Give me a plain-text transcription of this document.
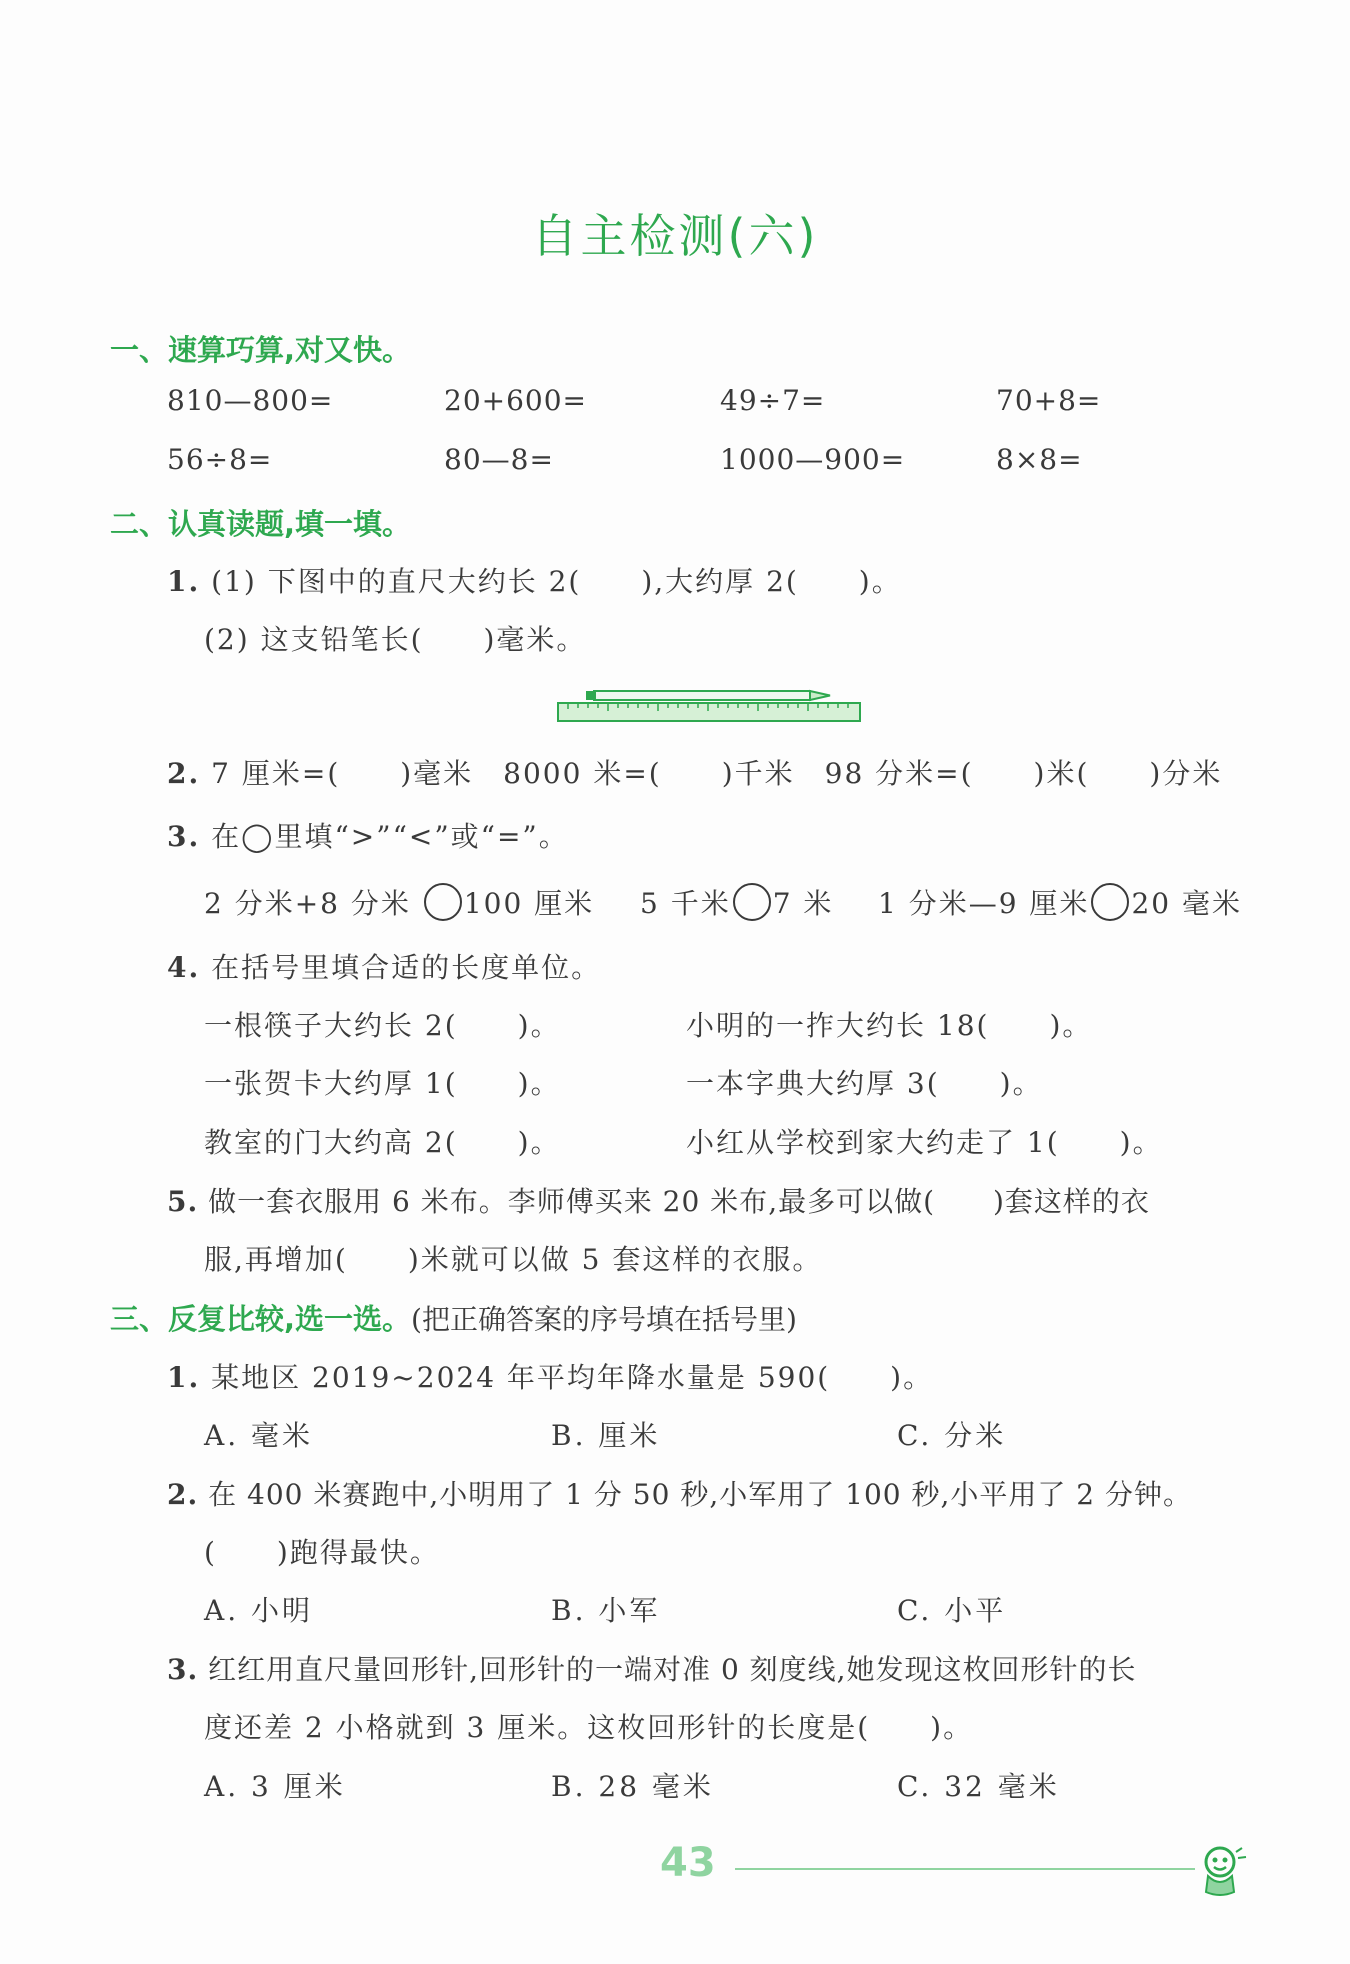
自主检测(六)
一、速算巧算,对又快。
810—800=	20+600=	49÷7=	70+8=
56÷8=	80—8=	1000—900=	8×8=
二、认真读题,填一填。
1. (1) 下图中的直尺大约长 2(　　),大约厚 2(　　)。
(2) 这支铅笔长(　　)毫米。
2. 7 厘米=(　　)毫米　8000 米=(　　)千米　98 分米=(　　)米(　　)分米
3. 在◯里填“>”“<”或“=”。
2 分米+8 分米 100 厘米 5 千米 7 米 1 分米—9 厘米 20 毫米
4. 在括号里填合适的长度单位。
一根筷子大约长 2(　　)。	小明的一拃大约长 18(　　)。
一张贺卡大约厚 1(　　)。	一本字典大约厚 3(　　)。
教室的门大约高 2(　　)。	小红从学校到家大约走了 1(　　)。
5. 做一套衣服用 6 米布。李师傅买来 20 米布,最多可以做(　　)套这样的衣
服,再增加(　　)米就可以做 5 套这样的衣服。
三、反复比较,选一选。(把正确答案的序号填在括号里)
1. 某地区 2019~2024 年平均年降水量是 590(　　)。
A. 毫米	B. 厘米	C. 分米
2. 在 400 米赛跑中,小明用了 1 分 50 秒,小军用了 100 秒,小平用了 2 分钟。
(　　)跑得最快。
A. 小明	B. 小军	C. 小平
3. 红红用直尺量回形针,回形针的一端对准 0 刻度线,她发现这枚回形针的长
度还差 2 小格就到 3 厘米。这枚回形针的长度是(　　)。
A. 3 厘米	B. 28 毫米	C. 32 毫米
43
